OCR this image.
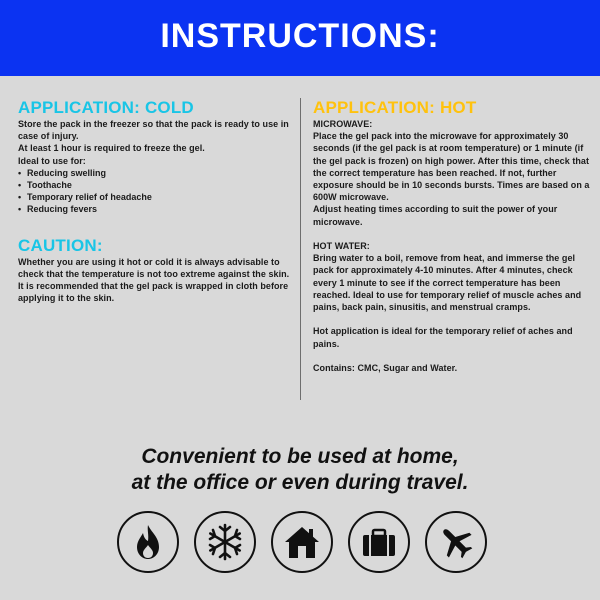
INSTRUCTIONS:

APPLICATION: COLD

Store the pack in the freezer so that the pack is ready to use in case of injury.

At least 1 hour is required to freeze the gel.

Ideal to use for:

• Reducing swelling
• Toothache
• Temporary relief of headache
• Reducing fevers

CAUTION:

Whether you are using it hot or cold it is always advisable to check that the temperature is not too extreme against the skin. It is recommended that the gel pack is wrapped in cloth before applying it to the skin.

APPLICATION: HOT

MICROWAVE:

Place the gel pack into the microwave for approximately 30 seconds (if the gel pack is at room temperature) or 1 minute (if the gel pack is frozen) on high power. After this time, check that the correct temperature has been reached. If not, further exposure should be in 10 seconds bursts. Times are based on a 600W microwave.

Adjust heating times according to suit the power of your microwave.

HOT WATER:

Bring water to a boil, remove from heat, and immerse the gel pack for approximately 4-10 minutes. After 4 minutes, check every 1 minute to see if the correct temperature has been reached. Ideal to use for temporary relief of muscle aches and pains, back pain, sinusitis, and menstrual cramps.

Hot application is ideal for the temporary relief of aches and pains.

Contains: CMC, Sugar and Water.

Convenient to be used at home,
at the office or even during travel.
